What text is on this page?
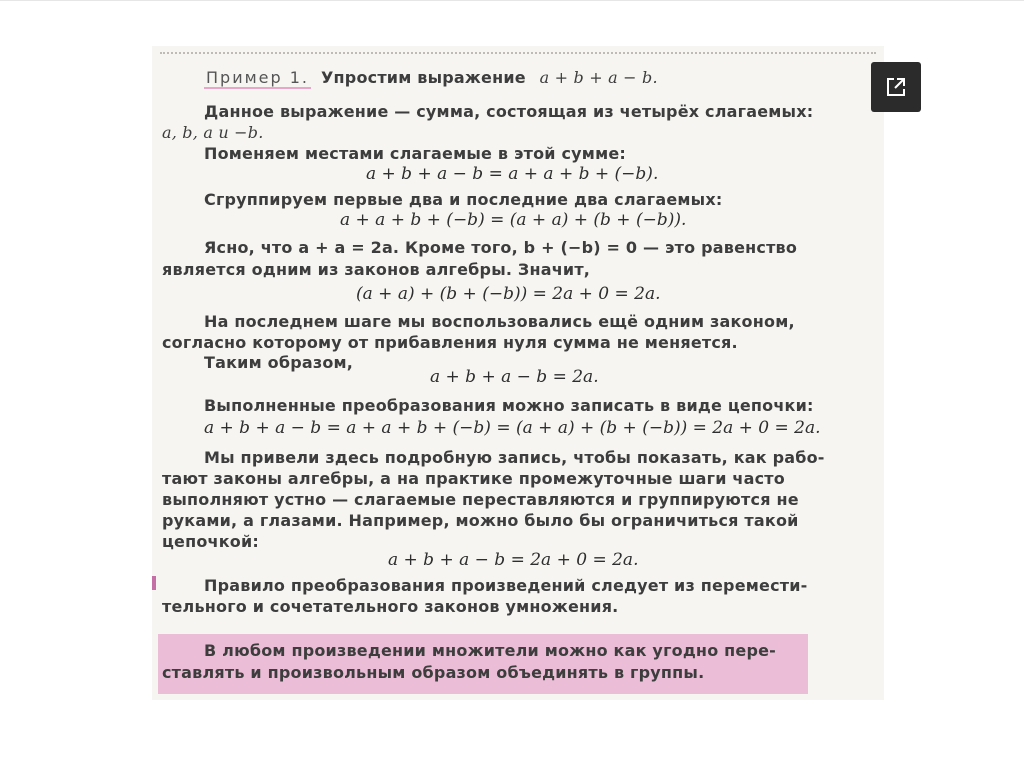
Пример 1. Упростим выражение a + b + a − b.
Данное выражение — сумма, состоящая из четырёх слагаемых:
a, b, a и −b.
Поменяем местами слагаемые в этой сумме:
a + b + a − b = a + a + b + (−b).
Сгруппируем первые два и последние два слагаемых:
a + a + b + (−b) = (a + a) + (b + (−b)).
Ясно, что a + a = 2a. Кроме того, b + (−b) = 0 — это равенство
является одним из законов алгебры. Значит,
(a + a) + (b + (−b)) = 2a + 0 = 2a.
На последнем шаге мы воспользовались ещё одним законом,
согласно которому от прибавления нуля сумма не меняется.
Таким образом,
a + b + a − b = 2a.
Выполненные преобразования можно записать в виде цепочки:
a + b + a − b = a + a + b + (−b) = (a + a) + (b + (−b)) = 2a + 0 = 2a.
Мы привели здесь подробную запись, чтобы показать, как рабо-
тают законы алгебры, а на практике промежуточные шаги часто
выполняют устно — слагаемые переставляются и группируются не
руками, а глазами. Например, можно было бы ограничиться такой
цепочкой:
a + b + a − b = 2a + 0 = 2a.
Правило преобразования произведений следует из перемести-
тельного и сочетательного законов умножения.
В любом произведении множители можно как угодно пере-
ставлять и произвольным образом объединять в группы.
